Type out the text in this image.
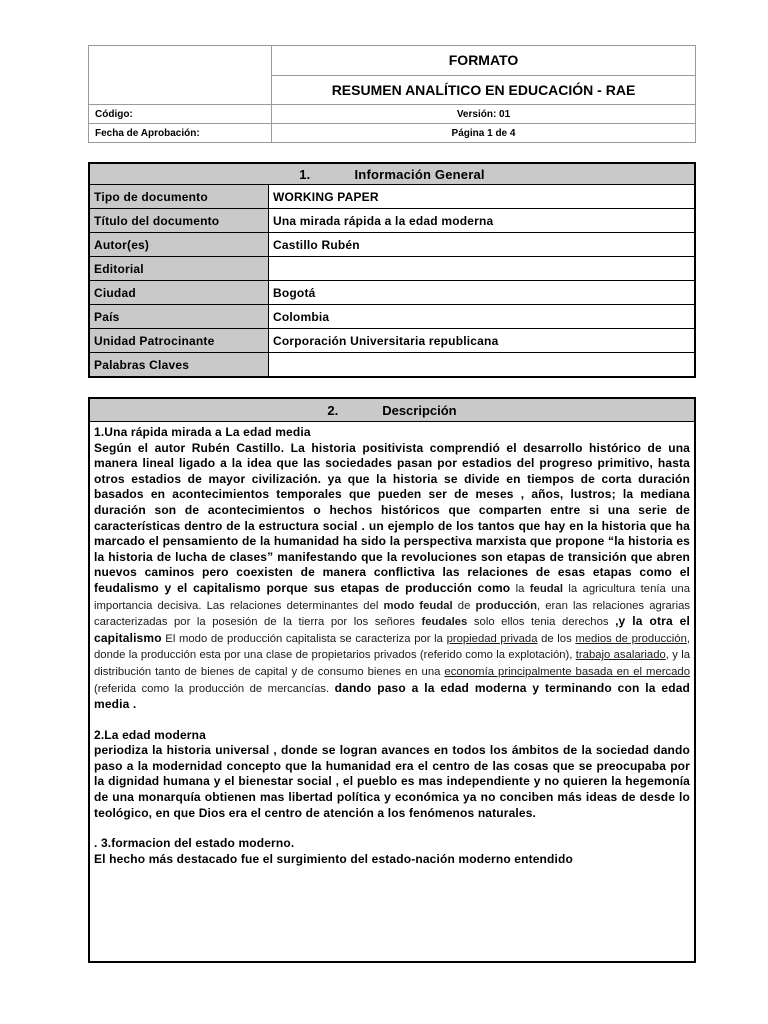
	FORMATO
	RESUMEN ANALÍTICO EN EDUCACIÓN - RAE
Código:	Versión: 01
Fecha de Aprobación:	Página 1 de 4
1. Información General	
Tipo de documento	WORKING PAPER
Título del documento	Una mirada rápida a la edad moderna
Autor(es)	Castillo Rubén
Editorial	
Ciudad	Bogotá
País	Colombia
Unidad Patrocinante	Corporación Universitaria republicana
Palabras Claves	
2.	Descripción

1.Una rápida mirada a La edad media

Según el autor Rubén Castillo. La historia positivista comprendió el desarrollo histórico de una manera lineal ligado a la idea que las sociedades pasan por estadios del progreso primitivo, hasta otros estadios de mayor civilización. ya que la historia se divide en tiempos de corta duración basados en acontecimientos temporales que pueden ser de meses , años, lustros; la mediana duración son de acontecimientos o hechos históricos que comparten entre si una serie de características dentro de la estructura social . un ejemplo de los tantos que hay en la historia que ha marcado el pensamiento de la humanidad ha sido la perspectiva marxista que propone “la historia es la historia de lucha de clases” manifestando que la revoluciones son etapas de transición que abren nuevos caminos pero coexisten de manera conflictiva las relaciones de esas etapas como el feudalismo y el capitalismo porque sus etapas de producción como la feudal la agricultura tenía una importancia decisiva. Las relaciones determinantes del modo feudal de producción, eran las relaciones agrarias caracterizadas por la posesión de la tierra por los señores feudales solo ellos tenia derechos ,y la otra el capitalismo El modo de producción capitalista se caracteriza por la propiedad privada de los medios de producción, donde la producción esta por una clase de propietarios privados (referido como la explotación), trabajo asalariado, y la distribución tanto de bienes de capital y de consumo bienes en una economía principalmente basada en el mercado (referida como la producción de mercancías. dando paso a la edad moderna y terminando con la edad media .

2.La edad moderna

periodiza la historia universal , donde se logran avances en todos los ámbitos de la sociedad dando paso a la modernidad concepto que la humanidad era el centro de las cosas que se preocupaba por la dignidad humana y el bienestar social , el pueblo es mas independiente y no quieren la hegemonía de una monarquía obtienen mas libertad política y económica ya no conciben más ideas de desde lo teológico, en que Dios era el centro de atención a los fenómenos naturales.

. 3.formacion del estado moderno.

El hecho más destacado fue el surgimiento del estado-nación moderno entendido
